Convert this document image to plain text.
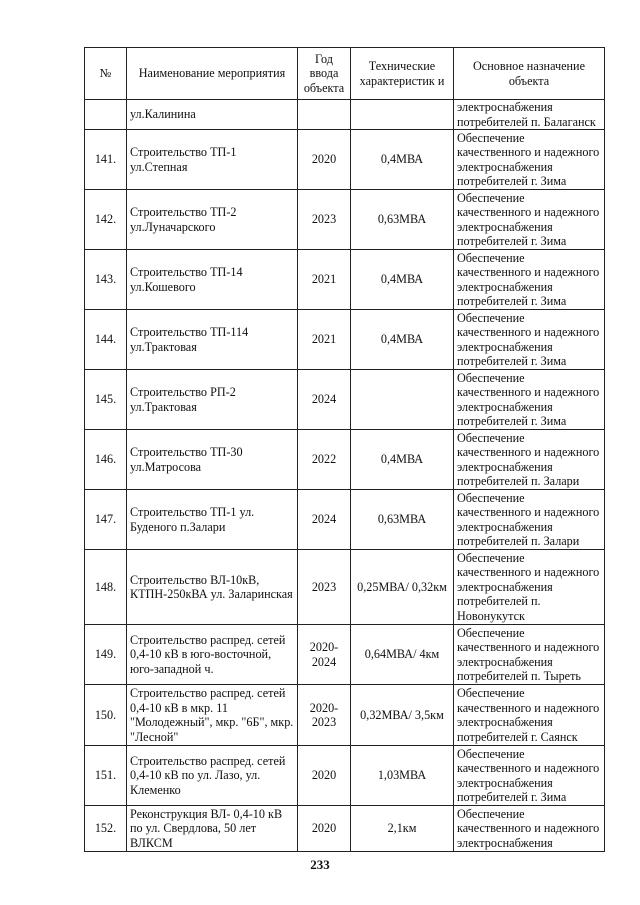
№	Наименование мероприятия	Год ввода объекта	Технические характеристик и	Основное назначение объекта
	ул.Калинина			электроснабжения потребителей п. Балаганск
141.	Строительство ТП-1 ул.Степная	2020	0,4МВА	Обеспечение качественного и надежного электроснабжения потребителей г. Зима
142.	Строительство ТП-2 ул.Луначарского	2023	0,63МВА	Обеспечение качественного и надежного электроснабжения потребителей г. Зима
143.	Строительство ТП-14 ул.Кошевого	2021	0,4МВА	Обеспечение качественного и надежного электроснабжения потребителей г. Зима
144.	Строительство ТП-114 ул.Трактовая	2021	0,4МВА	Обеспечение качественного и надежного электроснабжения потребителей г. Зима
145.	Строительство РП-2 ул.Трактовая	2024		Обеспечение качественного и надежного электроснабжения потребителей г. Зима
146.	Строительство ТП-30 ул.Матросова	2022	0,4МВА	Обеспечение качественного и надежного электроснабжения потребителей п. Залари
147.	Строительство ТП-1 ул. Буденого п.Залари	2024	0,63МВА	Обеспечение качественного и надежного электроснабжения потребителей п. Залари
148.	Строительство ВЛ-10кВ, КТПН-250кВА ул. Заларинская	2023	0,25МВА/ 0,32км	Обеспечение качественного и надежного электроснабжения потребителей п. Новонукутск
149.	Строительство распред. сетей 0,4-10 кВ в юго-восточной, юго-западной ч.	2020-2024	0,64МВА/ 4км	Обеспечение качественного и надежного электроснабжения потребителей п. Тыреть
150.	Строительство распред. сетей 0,4-10 кВ в мкр. 11 "Молодежный", мкр. "6Б", мкр. "Лесной"	2020-2023	0,32МВА/ 3,5км	Обеспечение качественного и надежного электроснабжения потребителей г. Саянск
151.	Строительство распред. сетей 0,4-10 кВ по ул. Лазо, ул. Клеменко	2020	1,03МВА	Обеспечение качественного и надежного электроснабжения потребителей г. Зима
152.	Реконструкция ВЛ- 0,4-10 кВ по ул. Свердлова, 50 лет ВЛКСМ	2020	2,1км	Обеспечение качественного и надежного электроснабжения
233
